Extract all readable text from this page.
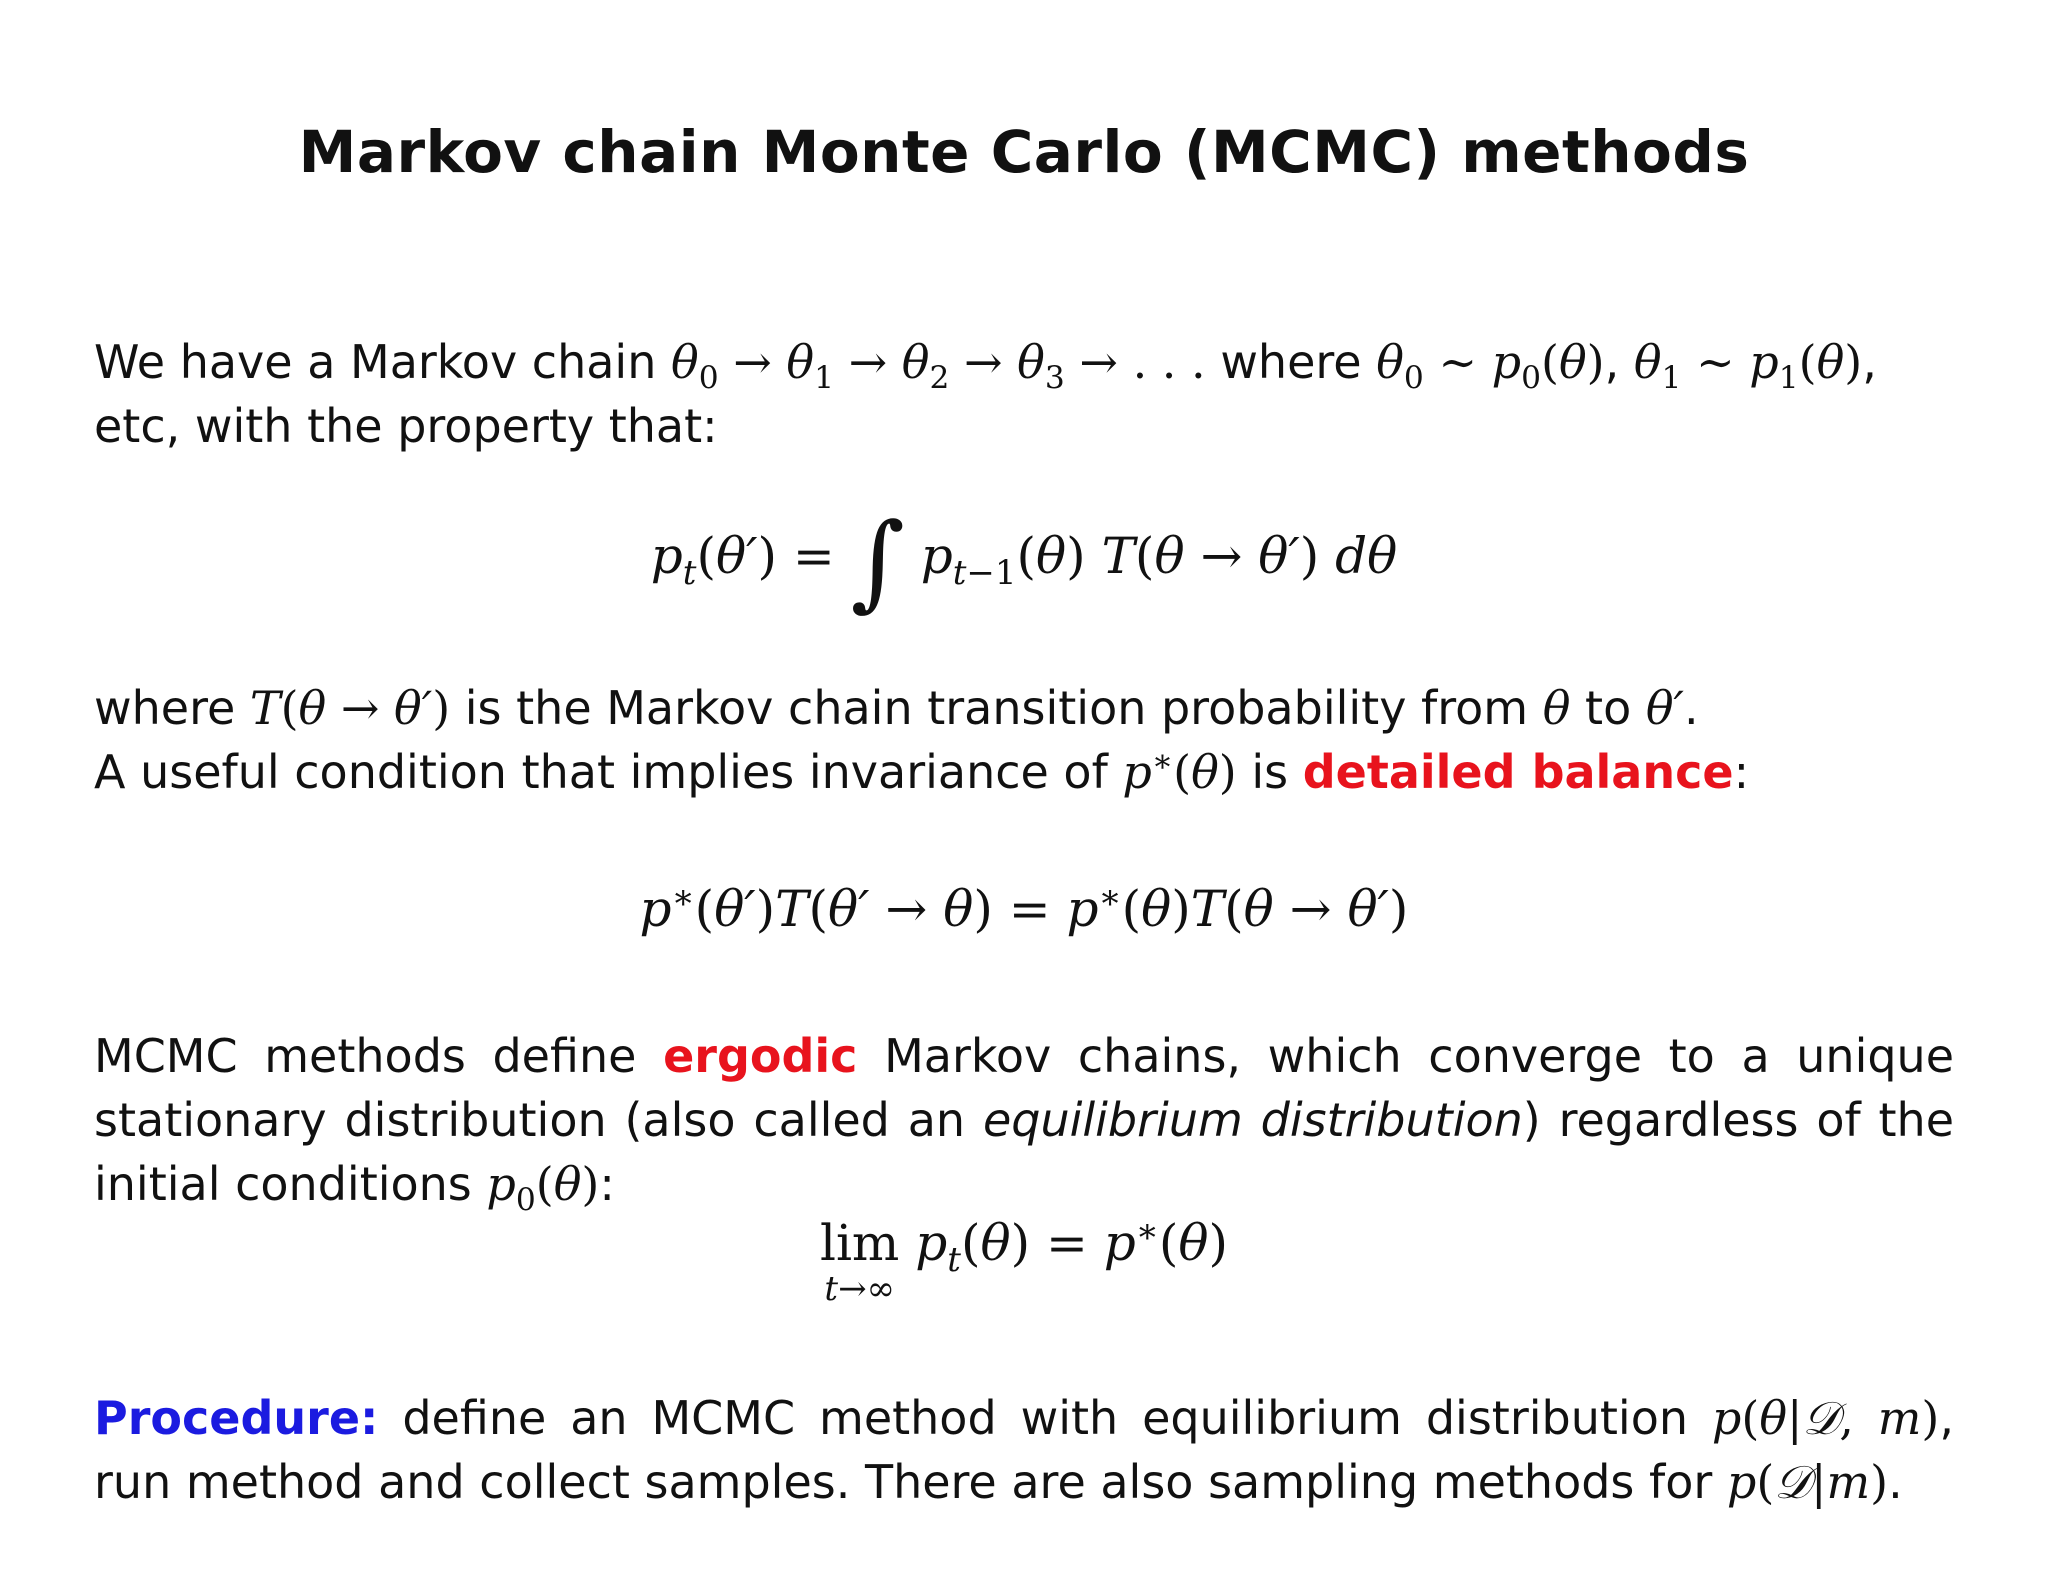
Markov chain Monte Carlo (MCMC) methods
We have a Markov chain $\theta_0 \to \theta_1 \to \theta_2 \to \theta_3$ → . . . where $\theta_0$ ∼ $p_0(\theta)$, $\theta_1$ ∼ $p_1(\theta)$,
etc, with the property that:
$p_t(\theta')$ = ∫ $p_{t-1}(\theta) T(\theta \to \theta')$ dθ
where T(θ → θ′) is the Markov chain transition probability from θ to θ′.
A useful condition that implies invariance of p∗(θ) is detailed balance:
p∗(θ′)T(θ′ → θ) = p∗(θ)T(θ → θ′)
MCMC methods define ergodic Markov chains, which converge to a unique stationary distribution (also called an equilibrium distribution) regardless of the initial conditions $p_0(\theta)$:
lim
t→∞
$p_t(\theta) = p^∗(\theta)$
Procedure: define an MCMC method with equilibrium distribution p(θ|𝒟, m), run method and collect samples. There are also sampling methods for p(𝒟|m).
